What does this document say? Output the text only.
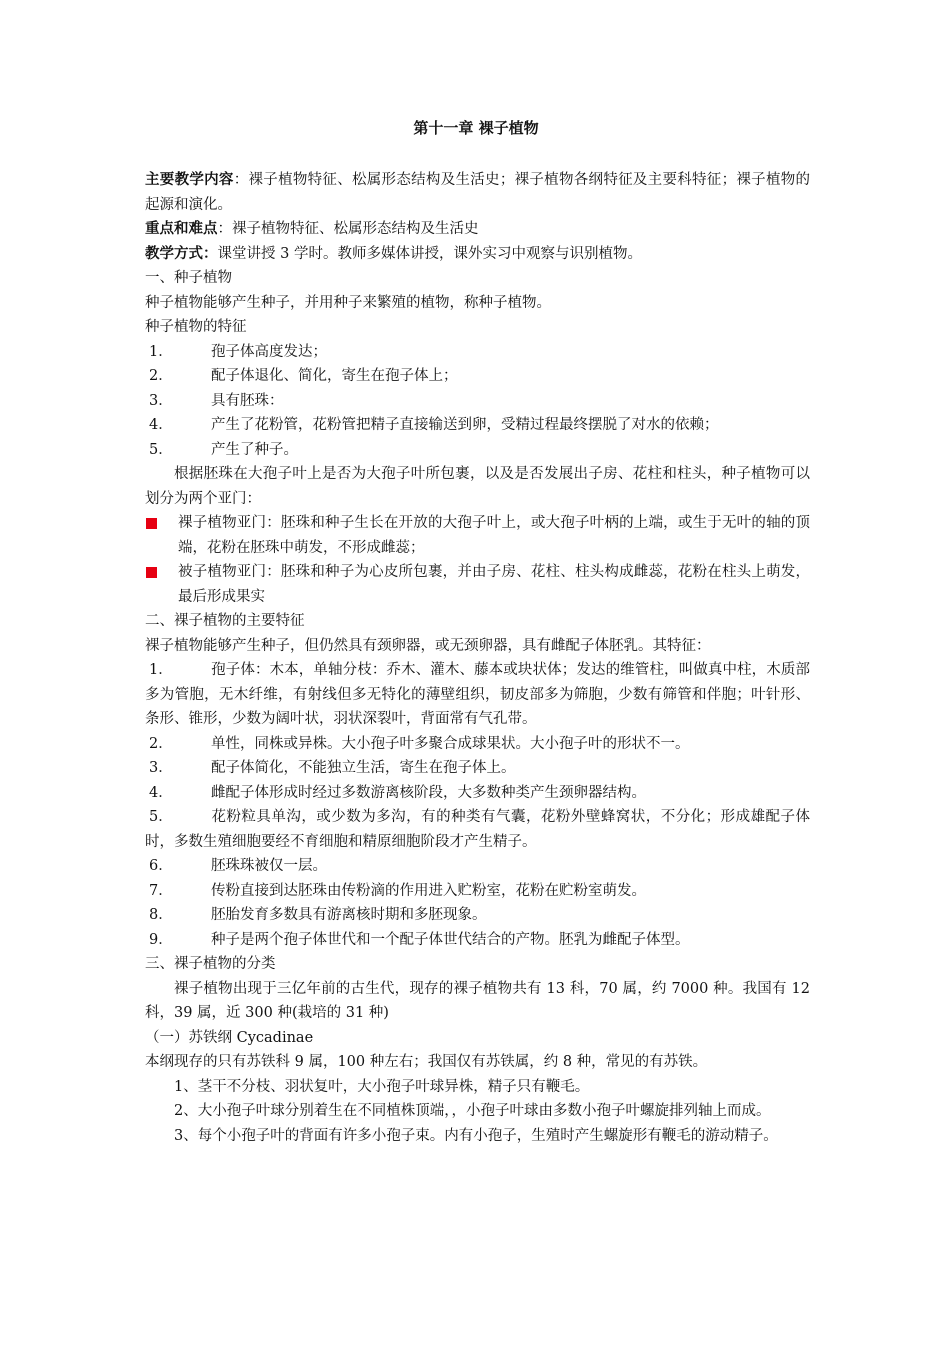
第十一章 裸子植物

主要教学内容：裸子植物特征、松属形态结构及生活史；裸子植物各纲特征及主要科特征；裸子植物的起源和演化。

重点和难点：裸子植物特征、松属形态结构及生活史

教学方式：课堂讲授 3 学时。教师多媒体讲授，课外实习中观察与识别植物。

一、种子植物

种子植物能够产生种子，并用种子来繁殖的植物，称种子植物。

种子植物的特征

1．	孢子体高度发达；
2．	配子体退化、简化，寄生在孢子体上；
3．	具有胚珠：
4．	产生了花粉管，花粉管把精子直接输送到卵，受精过程最终摆脱了对水的依赖；
5．	产生了种子。

根据胚珠在大孢子叶上是否为大孢子叶所包裹，以及是否发展出子房、花柱和柱头，种子植物可以划分为两个亚门：

裸子植物亚门：胚珠和种子生长在开放的大孢子叶上，或大孢子叶柄的上端，或生于无叶的轴的顶端，花粉在胚珠中萌发，不形成雌蕊；
被子植物亚门：胚珠和种子为心皮所包裹，并由子房、花柱、柱头构成雌蕊，花粉在柱头上萌发，最后形成果实

二、裸子植物的主要特征

裸子植物能够产生种子，但仍然具有颈卵器，或无颈卵器，具有雌配子体胚乳。其特征：

1．	孢子体：木本，单轴分枝：乔木、灌木、藤本或块状体；发达的维管柱，叫做真中柱，木质部多为管胞，无木纤维，有射线但多无特化的薄壁组织，韧皮部多为筛胞，少数有筛管和伴胞；叶针形、条形、锥形，少数为阔叶状，羽状深裂叶，背面常有气孔带。

2．	单性，同株或异株。大小孢子叶多聚合成球果状。大小孢子叶的形状不一。
3．	配子体简化，不能独立生活，寄生在孢子体上。
4．	雌配子体形成时经过多数游离核阶段，大多数种类产生颈卵器结构。

5．	花粉粒具单沟，或少数为多沟，有的种类有气囊，花粉外壁蜂窝状，不分化；形成雄配子体时，多数生殖细胞要经不育细胞和精原细胞阶段才产生精子。

6．	胚珠珠被仅一层。
7．	传粉直接到达胚珠由传粉滴的作用进入贮粉室，花粉在贮粉室萌发。
8．	胚胎发育多数具有游离核时期和多胚现象。
9．	种子是两个孢子体世代和一个配子体世代结合的产物。胚乳为雌配子体型。

三、裸子植物的分类

裸子植物出现于三亿年前的古生代，现存的裸子植物共有 13 科，70 属，约 7000 种。我国有 12 科，39 属，近 300 种(栽培的 31 种)

（一）苏铁纲 Cycadinae

本纲现存的只有苏铁科 9 属，100 种左右；我国仅有苏铁属，约 8 种，常见的有苏铁。

1、茎干不分枝、羽状复叶，大小孢子叶球异株，精子只有鞭毛。

2、大小孢子叶球分别着生在不同植株顶端，，小孢子叶球由多数小孢子叶螺旋排列轴上而成。

3、每个小孢子叶的背面有许多小孢子束。内有小孢子，生殖时产生螺旋形有鞭毛的游动精子。
